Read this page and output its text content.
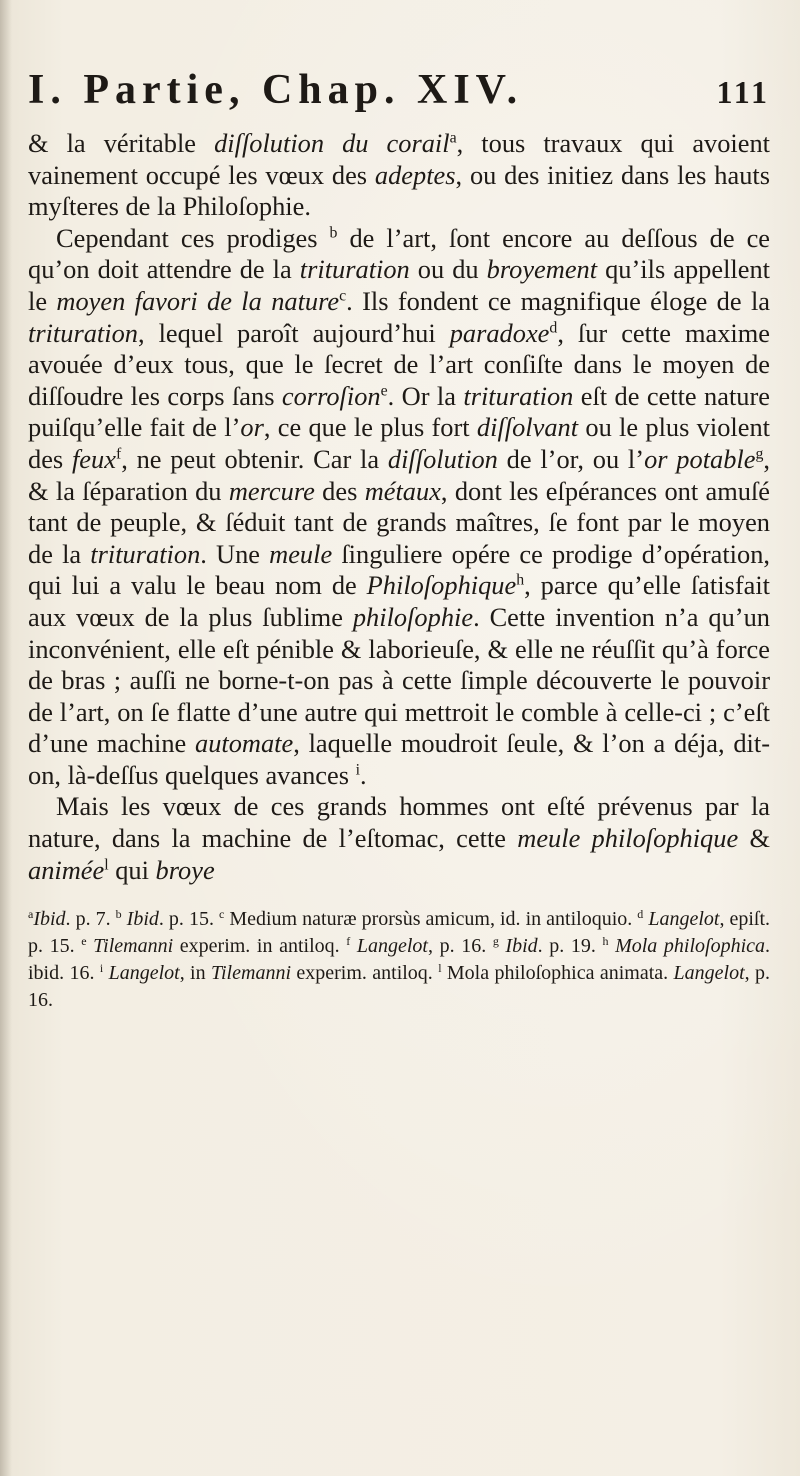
I. Partie, Chap. XIV.	111

& la véritable diſſolution du corail$^a$, tous travaux qui avoient vainement occupé les vœux des adeptes, ou des initiez dans les hauts myſteres de la Philoſophie.

Cependant ces prodiges $^b$ de l’art, ſont encore au deſſous de ce qu’on doit attendre de la trituration ou du broyement qu’ils appellent le moyen favori de la nature$^c$. Ils fondent ce magnifique éloge de la trituration, lequel paroît aujourd’hui paradoxe$^d$, ſur cette maxime avouée d’eux tous, que le ſecret de l’art conſiſte dans le moyen de diſſoudre les corps ſans corroſion$^e$. Or la trituration eſt de cette nature puiſqu’elle fait de l’or, ce que le plus fort diſſolvant ou le plus violent des feux$^f$, ne peut obtenir. Car la diſſolution de l’or, ou l’or potable$^g$, & la ſéparation du mercure des métaux, dont les eſpérances ont amuſé tant de peuple, & ſéduit tant de grands maîtres, ſe font par le moyen de la trituration. Une meule ſinguliere opére ce prodige d’opération, qui lui a valu le beau nom de Philoſophique$^h$, parce qu’elle ſatisfait aux vœux de la plus ſublime philoſophie. Cette invention n’a qu’un inconvénient, elle eſt pénible & laborieuſe, & elle ne réuſſit qu’à force de bras ; auſſi ne borne-t-on pas à cette ſimple découverte le pouvoir de l’art, on ſe flatte d’une autre qui mettroit le comble à celle-ci ; c’eſt d’une machine automate, laquelle moudroit ſeule, & l’on a déja, dit-on, là-deſſus quelques avances $^i$.

Mais les vœux de ces grands hommes ont eſté prévenus par la nature, dans la machine de l’eſtomac, cette meule philoſophique & animée$^l$ qui broye

$^a$Ibid. p. 7. $^b$ Ibid. p. 15. $^c$ Medium naturæ prorsùs amicum, id. in antiloquio. $^d$ Langelot, epiſt. p. 15. $^e$ Tilemanni experim. in antiloq. $^f$ Langelot, p. 16. $^g$ Ibid. p. 19. $^h$ Mola philoſophica. ibid. 16. $^i$ Langelot, in Tilemanni experim. antiloq. $^l$ Mola philoſophica animata. Langelot, p. 16.
